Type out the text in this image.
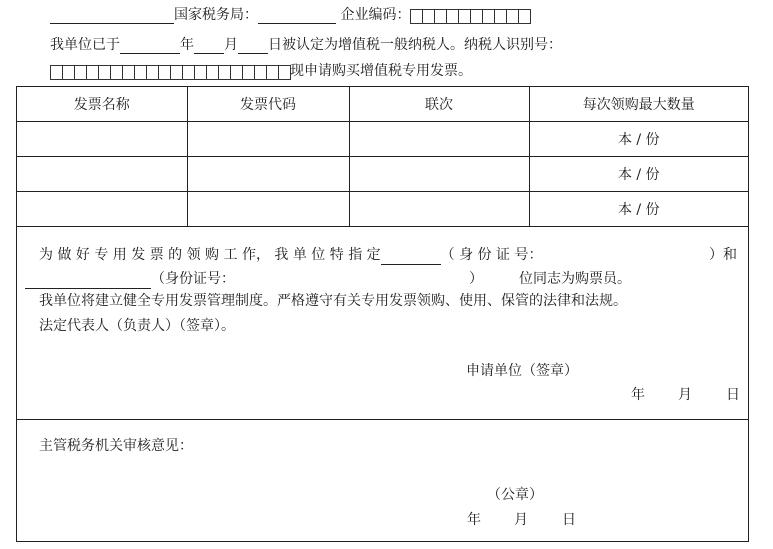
国家税务局：	企业编码：
我单位已于	年 月 日被认定为增值税一般纳税人。纳税人识别号：
现申请购买增值税专用发票。
发票名称	发票代码	联次	每次领购最大数量
			本 / 份
			本 / 份
			本 / 份
为 做 好 专 用 发 票 的 领 购 工 作， 我 单 位 特 指 定	（ 身 份 证 号：	）和
（身份证号：	）	位同志为购票员。
我单位将建立健全专用发票管理制度。严格遵守有关专用发票领购、使用、保管的法律和法规。
法定代表人（负责人）（签章）。
申请单位（签章）
年 月 日
主管税务机关审核意见：
（公章）
年 月 日
